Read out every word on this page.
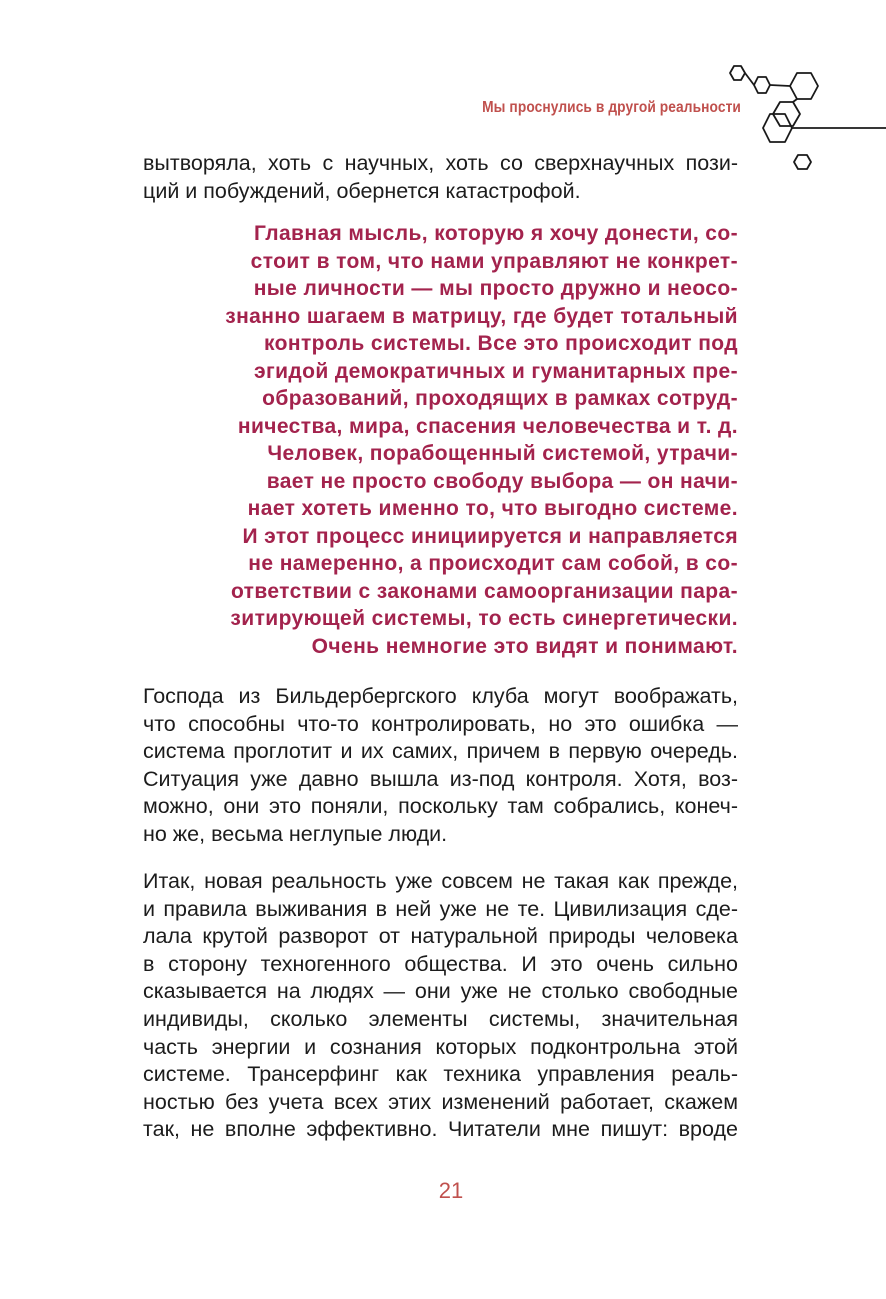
Мы проснулись в другой реальности

вытворяла, хоть с научных, хоть со сверхнаучных пози-
ций и побуждений, обернется катастрофой.

Главная мысль, которую я хочу донести, со-
стоит в том, что нами управляют не конкрет-
ные личности — мы просто дружно и неосо-
знанно шагаем в матрицу, где будет тотальный
контроль системы. Все это происходит под
эгидой демократичных и гуманитарных пре-
образований, проходящих в рамках сотруд-
ничества, мира, спасения человечества и т. д.
Человек, порабощенный системой, утрачи-
вает не просто свободу выбора — он начи-
нает хотеть именно то, что выгодно системе.
И этот процесс инициируется и направляется
не намеренно, а происходит сам собой, в со-
ответствии с законами самоорганизации пара-
зитирующей системы, то есть синергетически.
Очень немногие это видят и понимают.

Господа из Бильдербергского клуба могут воображать,
что способны что-то контролировать, но это ошибка —
система проглотит и их самих, причем в первую очередь.
Ситуация уже давно вышла из-под контроля. Хотя, воз-
можно, они это поняли, поскольку там собрались, конеч-
но же, весьма неглупые люди.

Итак, новая реальность уже совсем не такая как прежде,
и правила выживания в ней уже не те. Цивилизация сде-
лала крутой разворот от натуральной природы человека
в сторону техногенного общества. И это очень сильно
сказывается на людях — они уже не столько свободные
индивиды, сколько элементы системы, значительная
часть энергии и сознания которых подконтрольна этой
системе. Трансерфинг как техника управления реаль-
ностью без учета всех этих изменений работает, скажем
так, не вполне эффективно. Читатели мне пишут: вроде

21
